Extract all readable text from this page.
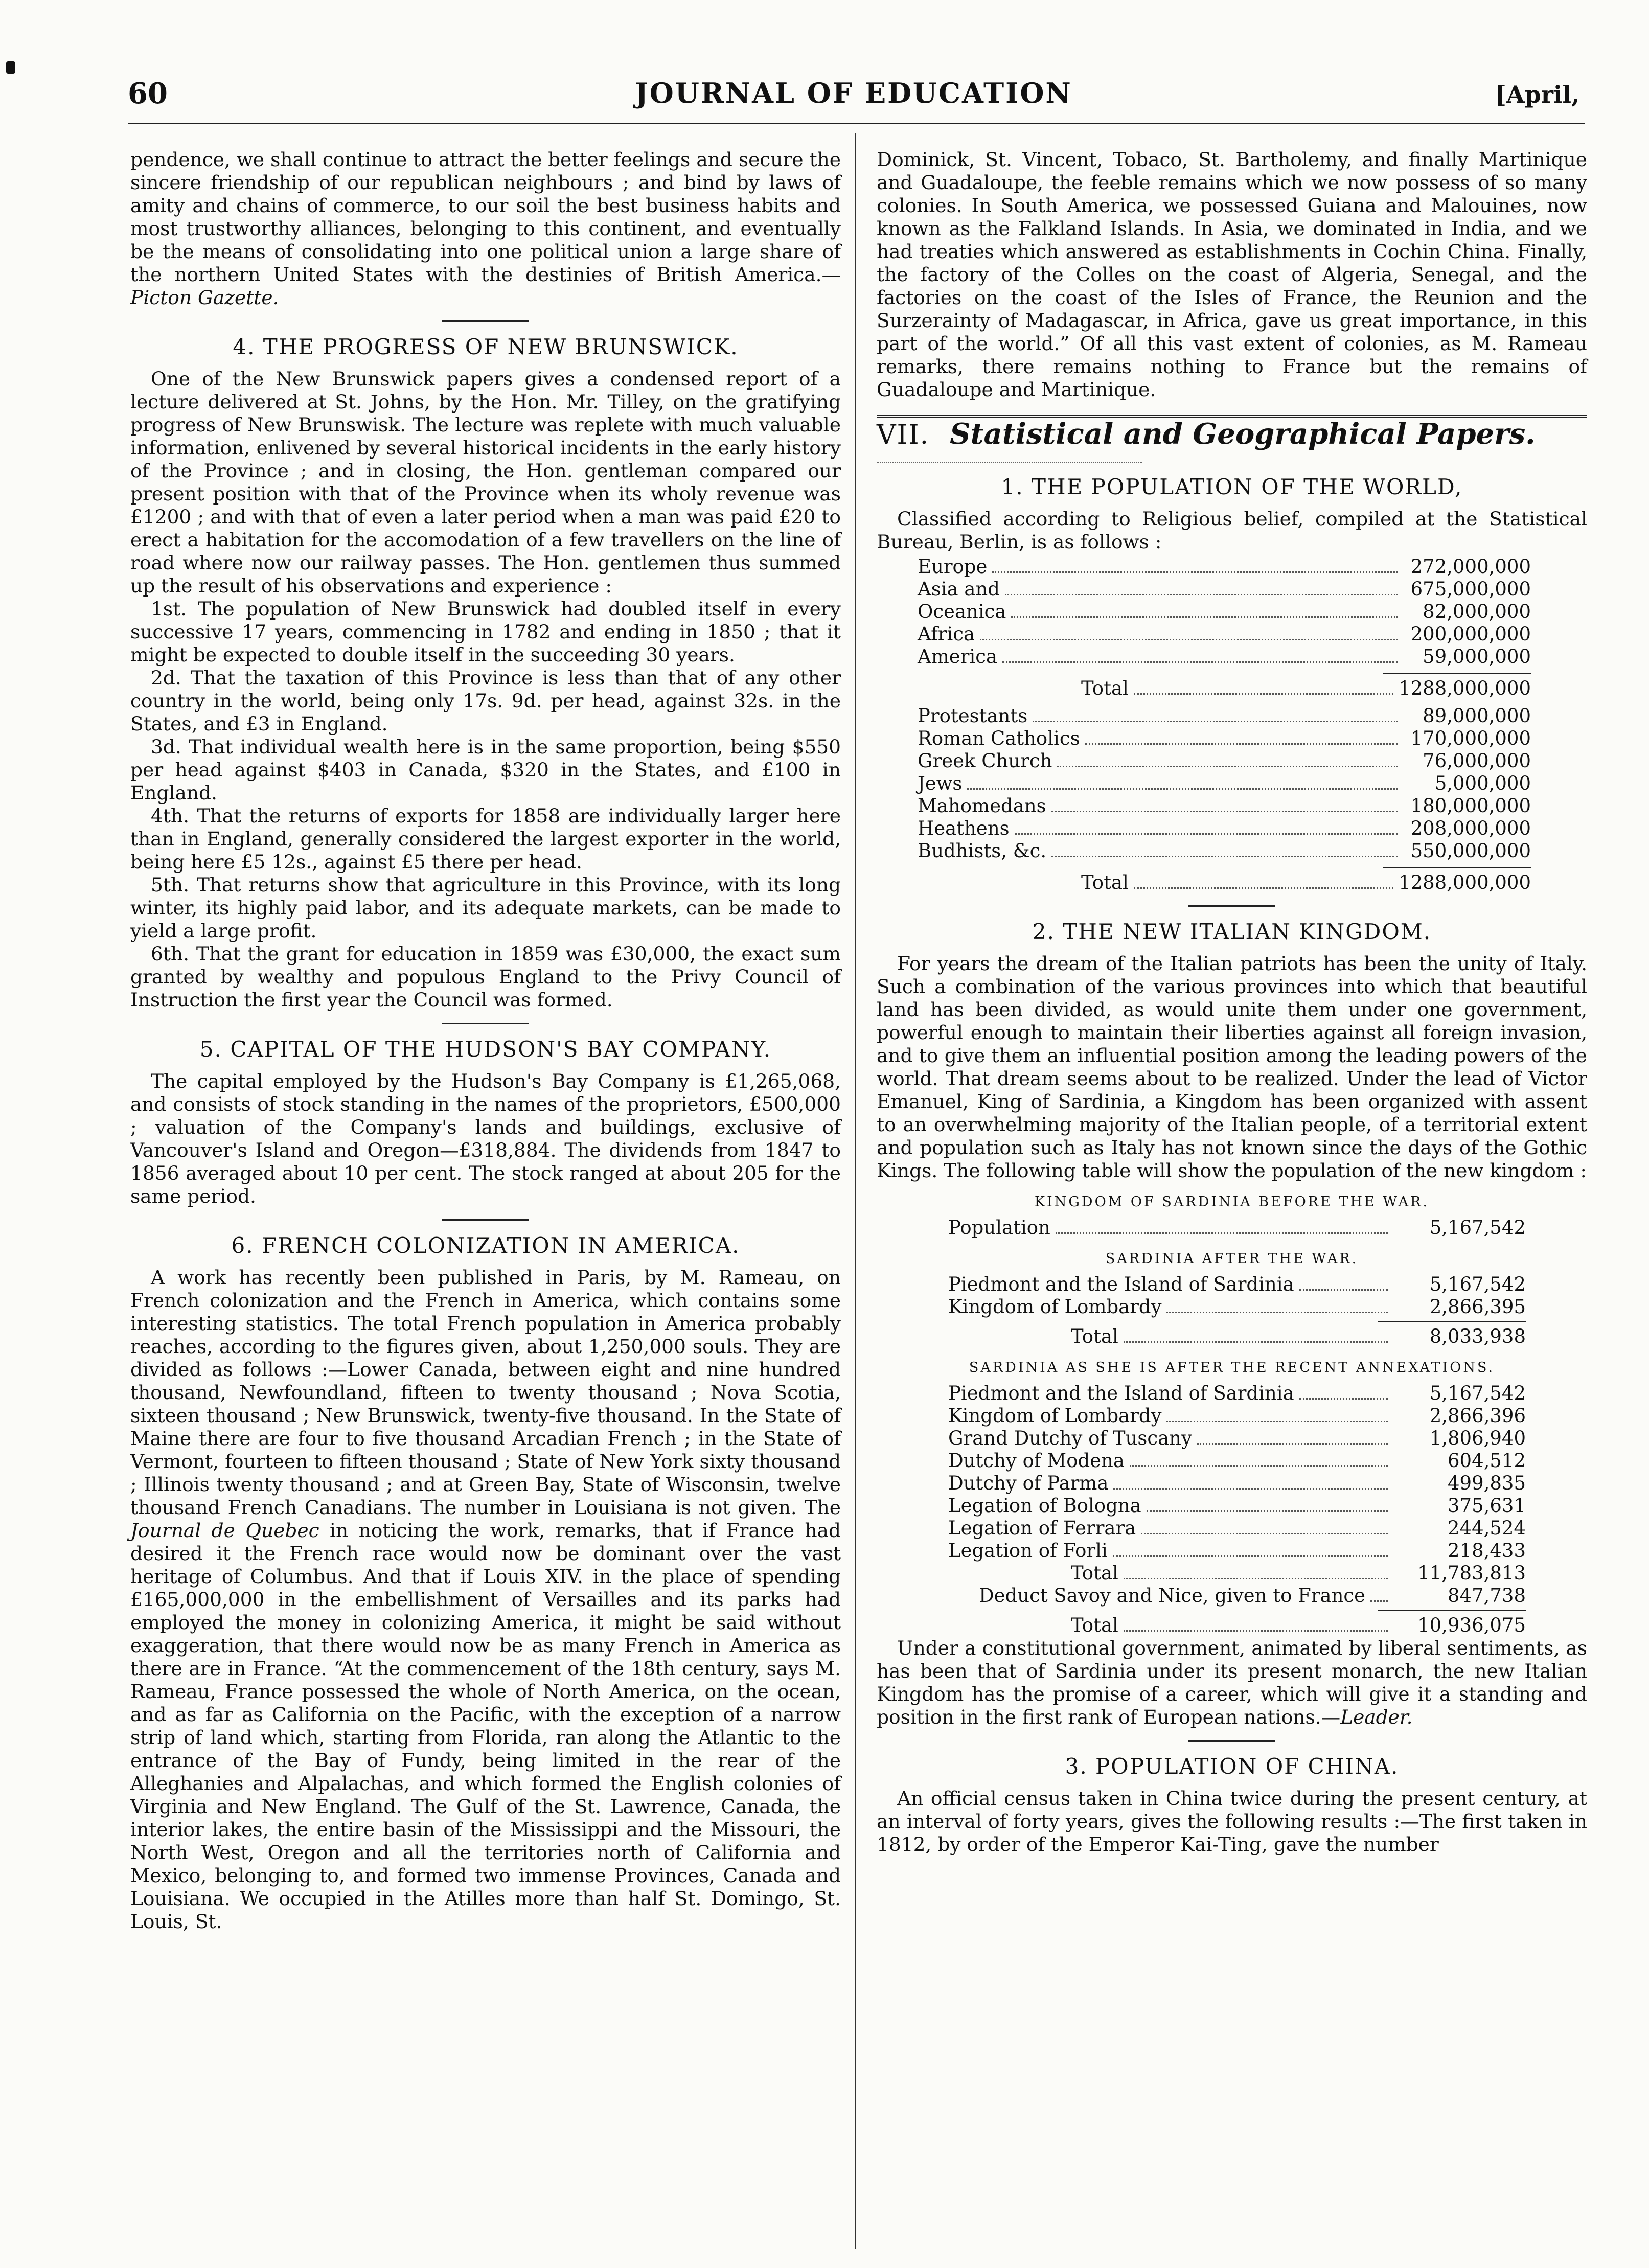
60	JOURNAL OF EDUCATION	[April,

pendence, we shall continue to attract the better feelings and secure the sincere friendship of our republican neighbours ; and bind by laws of amity and chains of commerce, to our soil the best business habits and most trustworthy alliances, belonging to this continent, and eventually be the means of consolidating into one political union a large share of the northern United States with the destinies of British America.—Picton Gazette.

4. THE PROGRESS OF NEW BRUNSWICK.

One of the New Brunswick papers gives a condensed report of a lecture delivered at St. Johns, by the Hon. Mr. Tilley, on the gratifying progress of New Brunswisk. The lecture was replete with much valuable information, enlivened by several historical incidents in the early history of the Province ; and in closing, the Hon. gentleman compared our present position with that of the Province when its wholy revenue was £1200 ; and with that of even a later period when a man was paid £20 to erect a habitation for the accomodation of a few travellers on the line of road where now our railway passes. The Hon. gentlemen thus summed up the result of his observations and experience :

1st. The population of New Brunswick had doubled itself in every successive 17 years, commencing in 1782 and ending in 1850 ; that it might be expected to double itself in the succeeding 30 years.

2d. That the taxation of this Province is less than that of any other country in the world, being only 17s. 9d. per head, against 32s. in the States, and £3 in England.

3d. That individual wealth here is in the same proportion, being $550 per head against $403 in Canada, $320 in the States, and £100 in England.

4th. That the returns of exports for 1858 are individually larger here than in England, generally considered the largest exporter in the world, being here £5 12s., against £5 there per head.

5th. That returns show that agriculture in this Province, with its long winter, its highly paid labor, and its adequate markets, can be made to yield a large profit.

6th. That the grant for education in 1859 was £30,000, the exact sum granted by wealthy and populous England to the Privy Council of Instruction the first year the Council was formed.

5. CAPITAL OF THE HUDSON'S BAY COMPANY.

The capital employed by the Hudson's Bay Company is £1,265,068, and consists of stock standing in the names of the proprietors, £500,000 ; valuation of the Company's lands and buildings, exclusive of Vancouver's Island and Oregon—£318,884. The dividends from 1847 to 1856 averaged about 10 per cent. The stock ranged at about 205 for the same period.

6. FRENCH COLONIZATION IN AMERICA.

A work has recently been published in Paris, by M. Rameau, on French colonization and the French in America, which contains some interesting statistics. The total French population in America probably reaches, according to the figures given, about 1,250,000 souls. They are divided as follows :—Lower Canada, between eight and nine hundred thousand, Newfoundland, fifteen to twenty thousand ; Nova Scotia, sixteen thousand ; New Brunswick, twenty-five thousand. In the State of Maine there are four to five thousand Arcadian French ; in the State of Vermont, fourteen to fifteen thousand ; State of New York sixty thousand ; Illinois twenty thousand ; and at Green Bay, State of Wisconsin, twelve thousand French Canadians. The number in Louisiana is not given. The Journal de Quebec in noticing the work, remarks, that if France had desired it the French race would now be dominant over the vast heritage of Columbus. And that if Louis XIV. in the place of spending £165,000,000 in the embellishment of Versailles and its parks had employed the money in colonizing America, it might be said without exaggeration, that there would now be as many French in America as there are in France. “At the commencement of the 18th century, says M. Rameau, France possessed the whole of North America, on the ocean, and as far as California on the Pacific, with the exception of a narrow strip of land which, starting from Florida, ran along the Atlantic to the entrance of the Bay of Fundy, being limited in the rear of the Alleghanies and Alpalachas, and which formed the English colonies of Virginia and New England. The Gulf of the St. Lawrence, Canada, the interior lakes, the entire basin of the Mississippi and the Missouri, the North West, Oregon and all the territories north of California and Mexico, belonging to, and formed two immense Provinces, Canada and Louisiana. We occupied in the Atilles more than half St. Domingo, St. Louis, St.

Dominick, St. Vincent, Tobaco, St. Bartholemy, and finally Martinique and Guadaloupe, the feeble remains which we now possess of so many colonies. In South America, we possessed Guiana and Malouines, now known as the Falkland Islands. In Asia, we dominated in India, and we had treaties which answered as establishments in Cochin China. Finally, the factory of the Colles on the coast of Algeria, Senegal, and the factories on the coast of the Isles of France, the Reunion and the Surzerainty of Madagascar, in Africa, gave us great importance, in this part of the world.” Of all this vast extent of colonies, as M. Rameau remarks, there remains nothing to France but the remains of Guadaloupe and Martinique.

VII. Statistical and Geographical Papers.
1. THE POPULATION OF THE WORLD,

Classified according to Religious belief, compiled at the Statistical Bureau, Berlin, is as follows :

Europe	272,000,000
Asia and	675,000,000
Oceanica	82,000,000
Africa	200,000,000
America	59,000,000
Total	1288,000,000
Protestants	89,000,000
Roman Catholics	170,000,000
Greek Church	76,000,000
Jews	5,000,000
Mahomedans	180,000,000
Heathens	208,000,000
Budhists, &c.	550,000,000
Total	1288,000,000
2. THE NEW ITALIAN KINGDOM.

For years the dream of the Italian patriots has been the unity of Italy. Such a combination of the various provinces into which that beautiful land has been divided, as would unite them under one government, powerful enough to maintain their liberties against all foreign invasion, and to give them an influential position among the leading powers of the world. That dream seems about to be realized. Under the lead of Victor Emanuel, King of Sardinia, a Kingdom has been organized with assent to an overwhelming majority of the Italian people, of a territorial extent and population such as Italy has not known since the days of the Gothic Kings. The following table will show the population of the new kingdom :

KINGDOM OF SARDINIA BEFORE THE WAR.
Population	5,167,542
SARDINIA AFTER THE WAR.
Piedmont and the Island of Sardinia	5,167,542
Kingdom of Lombardy	2,866,395
Total	8,033,938
SARDINIA AS SHE IS AFTER THE RECENT ANNEXATIONS.
Piedmont and the Island of Sardinia	5,167,542
Kingdom of Lombardy	2,866,396
Grand Dutchy of Tuscany	1,806,940
Dutchy of Modena	604,512
Dutchy of Parma	499,835
Legation of Bologna	375,631
Legation of Ferrara	244,524
Legation of Forli	218,433
Total	11,783,813
Deduct Savoy and Nice, given to France	847,738
Total	10,936,075

Under a constitutional government, animated by liberal sentiments, as has been that of Sardinia under its present monarch, the new Italian Kingdom has the promise of a career, which will give it a standing and position in the first rank of European nations.—Leader.

3. POPULATION OF CHINA.

An official census taken in China twice during the present century, at an interval of forty years, gives the following results :—The first taken in 1812, by order of the Emperor Kai-Ting, gave the number
